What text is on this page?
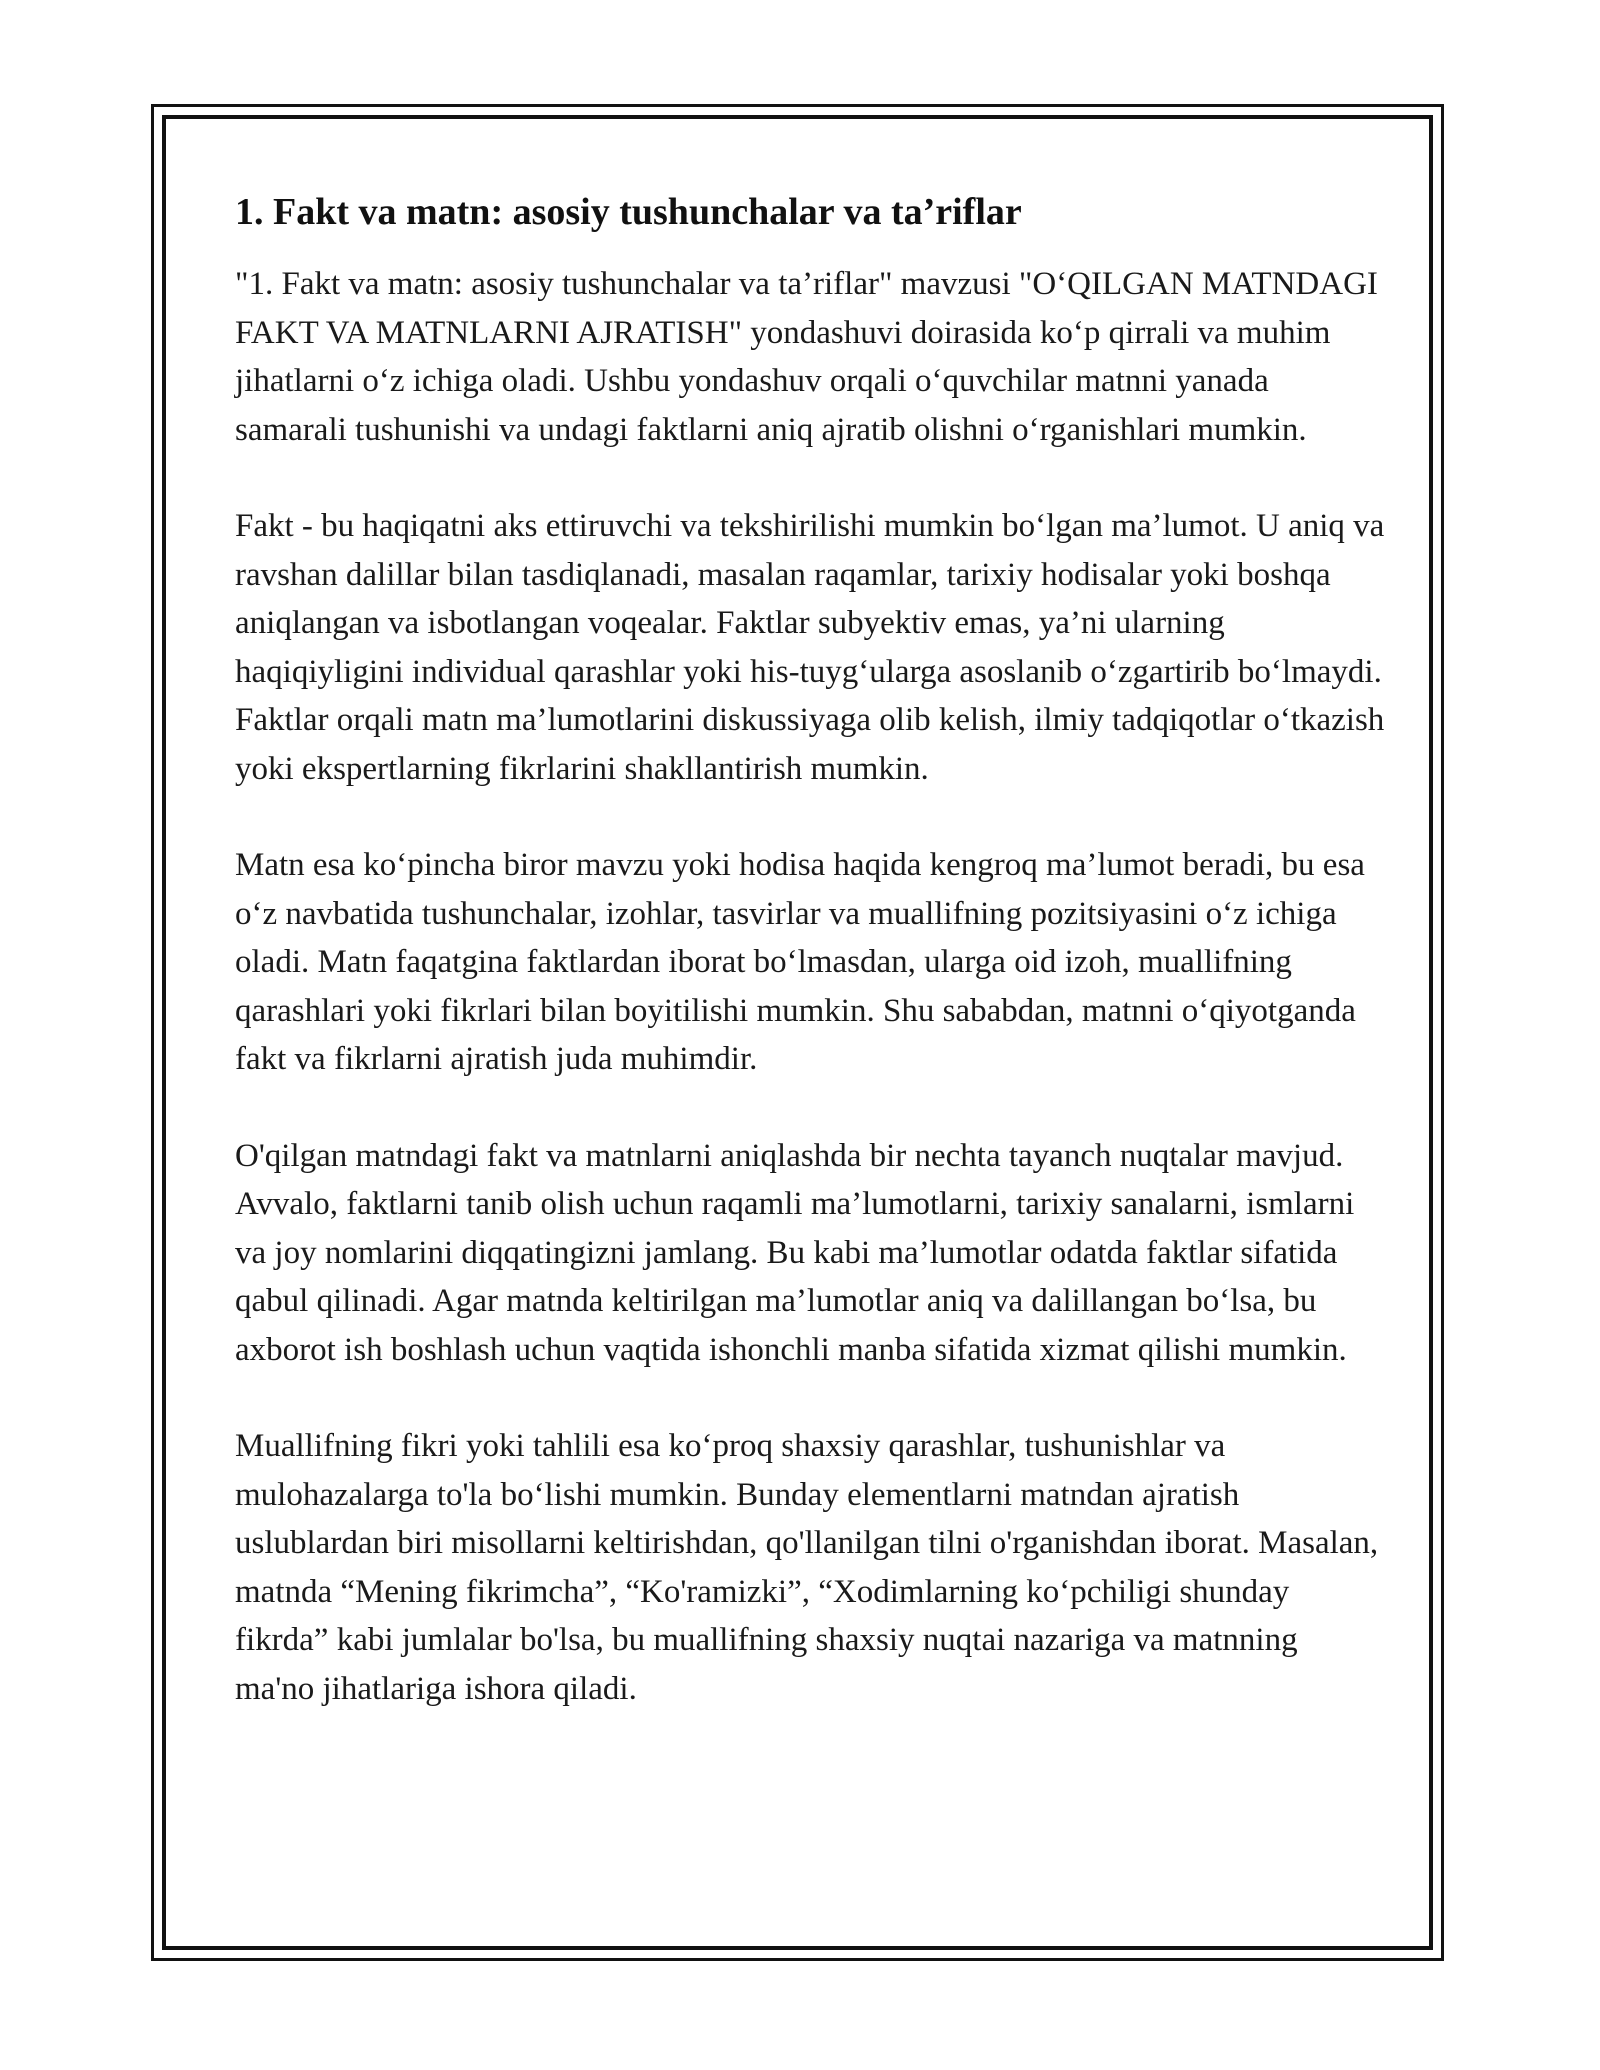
1. Fakt va matn: asosiy tushunchalar va ta’riflar

"1. Fakt va matn: asosiy tushunchalar va ta’riflar" mavzusi "O‘QILGAN MATNDAGI FAKT VA MATNLARNI AJRATISH" yondashuvi doirasida ko‘p qirrali va muhim jihatlarni o‘z ichiga oladi. Ushbu yondashuv orqali o‘quvchilar matnni yanada samarali tushunishi va undagi faktlarni aniq ajratib olishni o‘rganishlari mumkin.

Fakt - bu haqiqatni aks ettiruvchi va tekshirilishi mumkin bo‘lgan ma’lumot. U aniq va ravshan dalillar bilan tasdiqlanadi, masalan raqamlar, tarixiy hodisalar yoki boshqa aniqlangan va isbotlangan voqealar. Faktlar subyektiv emas, ya’ni ularning haqiqiyligini individual qarashlar yoki his-tuyg‘ularga asoslanib o‘zgartirib bo‘lmaydi. Faktlar orqali matn ma’lumotlarini diskussiyaga olib kelish, ilmiy tadqiqotlar o‘tkazish yoki ekspertlarning fikrlarini shakllantirish mumkin.

Matn esa ko‘pincha biror mavzu yoki hodisa haqida kengroq ma’lumot beradi, bu esa o‘z navbatida tushunchalar, izohlar, tasvirlar va muallifning pozitsiyasini o‘z ichiga oladi. Matn faqatgina faktlardan iborat bo‘lmasdan, ularga oid izoh, muallifning qarashlari yoki fikrlari bilan boyitilishi mumkin. Shu sababdan, matnni o‘qiyotganda fakt va fikrlarni ajratish juda muhimdir.

O'qilgan matndagi fakt va matnlarni aniqlashda bir nechta tayanch nuqtalar mavjud. Avvalo, faktlarni tanib olish uchun raqamli ma’lumotlarni, tarixiy sanalarni, ismlarni va joy nomlarini diqqatingizni jamlang. Bu kabi ma’lumotlar odatda faktlar sifatida qabul qilinadi. Agar matnda keltirilgan ma’lumotlar aniq va dalillangan bo‘lsa, bu axborot ish boshlash uchun vaqtida ishonchli manba sifatida xizmat qilishi mumkin.

Muallifning fikri yoki tahlili esa ko‘proq shaxsiy qarashlar, tushunishlar va mulohazalarga to'la bo‘lishi mumkin. Bunday elementlarni matndan ajratish uslublardan biri misollarni keltirishdan, qo'llanilgan tilni o'rganishdan iborat. Masalan, matnda “Mening fikrimcha”, “Ko'ramizki”, “Xodimlarning ko‘pchiligi shunday fikrda” kabi jumlalar bo'lsa, bu muallifning shaxsiy nuqtai nazariga va matnning ma'no jihatlariga ishora qiladi.
